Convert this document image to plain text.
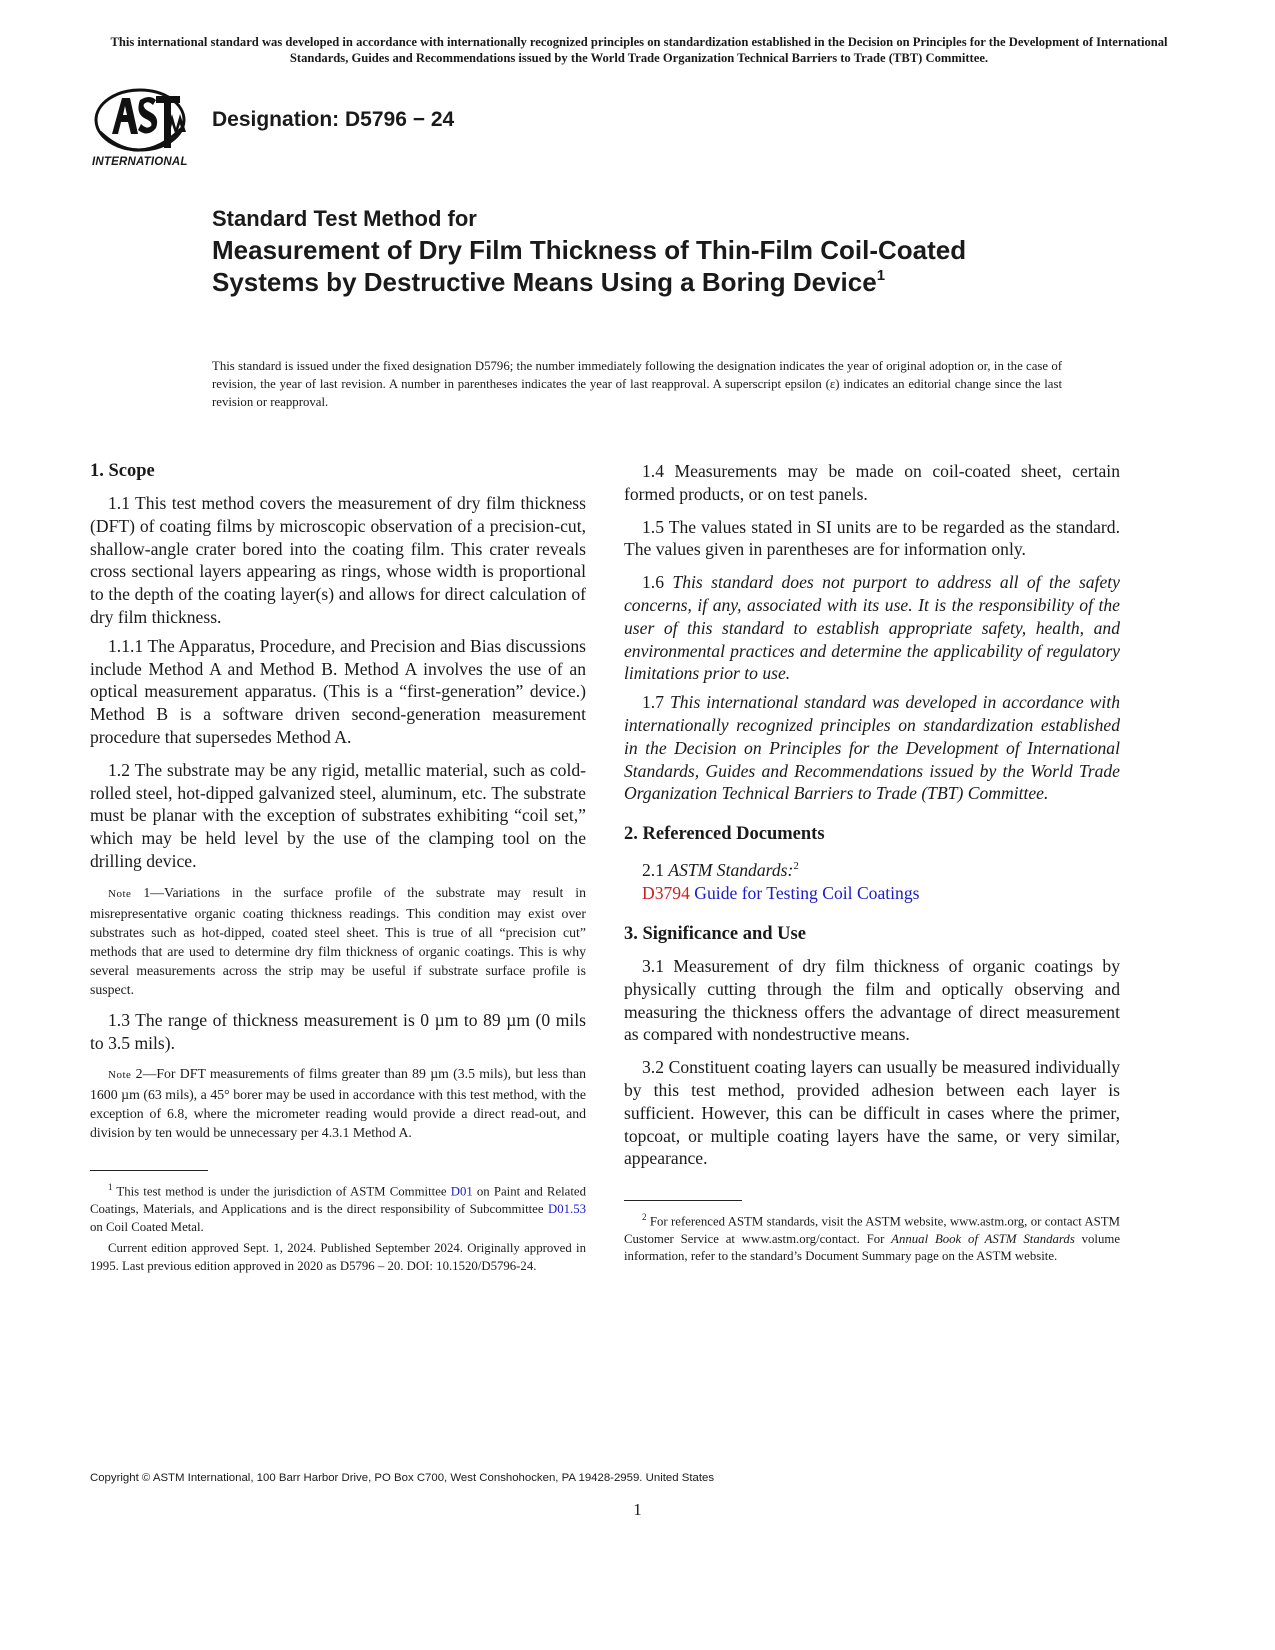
This international standard was developed in accordance with internationally recognized principles on standardization established in the Decision on Principles for the Development of International Standards, Guides and Recommendations issued by the World Trade Organization Technical Barriers to Trade (TBT) Committee.
INTERNATIONAL
Designation: D5796 − 24
Standard Test Method for
Measurement of Dry Film Thickness of Thin-Film Coil-Coated Systems by Destructive Means Using a Boring Device$^1$
This standard is issued under the fixed designation D5796; the number immediately following the designation indicates the year of original adoption or, in the case of revision, the year of last revision. A number in parentheses indicates the year of last reapproval. A superscript epsilon (ε) indicates an editorial change since the last revision or reapproval.
1. Scope

1.1 This test method covers the measurement of dry film thickness (DFT) of coating films by microscopic observation of a precision-cut, shallow-angle crater bored into the coating film. This crater reveals cross sectional layers appearing as rings, whose width is proportional to the depth of the coating layer(s) and allows for direct calculation of dry film thickness.

1.1.1 The Apparatus, Procedure, and Precision and Bias discussions include Method A and Method B. Method A involves the use of an optical measurement apparatus. (This is a “first-generation” device.) Method B is a software driven second-generation measurement procedure that supersedes Method A.

1.2 The substrate may be any rigid, metallic material, such as cold-rolled steel, hot-dipped galvanized steel, aluminum, etc. The substrate must be planar with the exception of substrates exhibiting “coil set,” which may be held level by the use of the clamping tool on the drilling device.

Note 1—Variations in the surface profile of the substrate may result in misrepresentative organic coating thickness readings. This condition may exist over substrates such as hot-dipped, coated steel sheet. This is true of all “precision cut” methods that are used to determine dry film thickness of organic coatings. This is why several measurements across the strip may be useful if substrate surface profile is suspect.

1.3 The range of thickness measurement is 0 µm to 89 µm (0 mils to 3.5 mils).

Note 2—For DFT measurements of films greater than 89 µm (3.5 mils), but less than 1600 µm (63 mils), a 45° borer may be used in accordance with this test method, with the exception of 6.8, where the micrometer reading would provide a direct read-out, and division by ten would be unnecessary per 4.3.1 Method A.

$^1$ This test method is under the jurisdiction of ASTM Committee D01 on Paint and Related Coatings, Materials, and Applications and is the direct responsibility of Subcommittee D01.53 on Coil Coated Metal.

Current edition approved Sept. 1, 2024. Published September 2024. Originally approved in 1995. Last previous edition approved in 2020 as D5796 – 20. DOI: 10.1520/D5796-24.

1.4 Measurements may be made on coil-coated sheet, certain formed products, or on test panels.

1.5 The values stated in SI units are to be regarded as the standard. The values given in parentheses are for information only.

1.6 This standard does not purport to address all of the safety concerns, if any, associated with its use. It is the responsibility of the user of this standard to establish appropriate safety, health, and environmental practices and determine the applicability of regulatory limitations prior to use.

1.7 This international standard was developed in accordance with internationally recognized principles on standardization established in the Decision on Principles for the Development of International Standards, Guides and Recommendations issued by the World Trade Organization Technical Barriers to Trade (TBT) Committee.

2. Referenced Documents

2.1 ASTM Standards:$^2$

D3794 Guide for Testing Coil Coatings

3. Significance and Use

3.1 Measurement of dry film thickness of organic coatings by physically cutting through the film and optically observing and measuring the thickness offers the advantage of direct measurement as compared with nondestructive means.

3.2 Constituent coating layers can usually be measured individually by this test method, provided adhesion between each layer is sufficient. However, this can be difficult in cases where the primer, topcoat, or multiple coating layers have the same, or very similar, appearance.

$^2$ For referenced ASTM standards, visit the ASTM website, www.astm.org, or contact ASTM Customer Service at www.astm.org/contact. For Annual Book of ASTM Standards volume information, refer to the standard’s Document Summary page on the ASTM website.

Copyright © ASTM International, 100 Barr Harbor Drive, PO Box C700, West Conshohocken, PA 19428-2959. United States
1
